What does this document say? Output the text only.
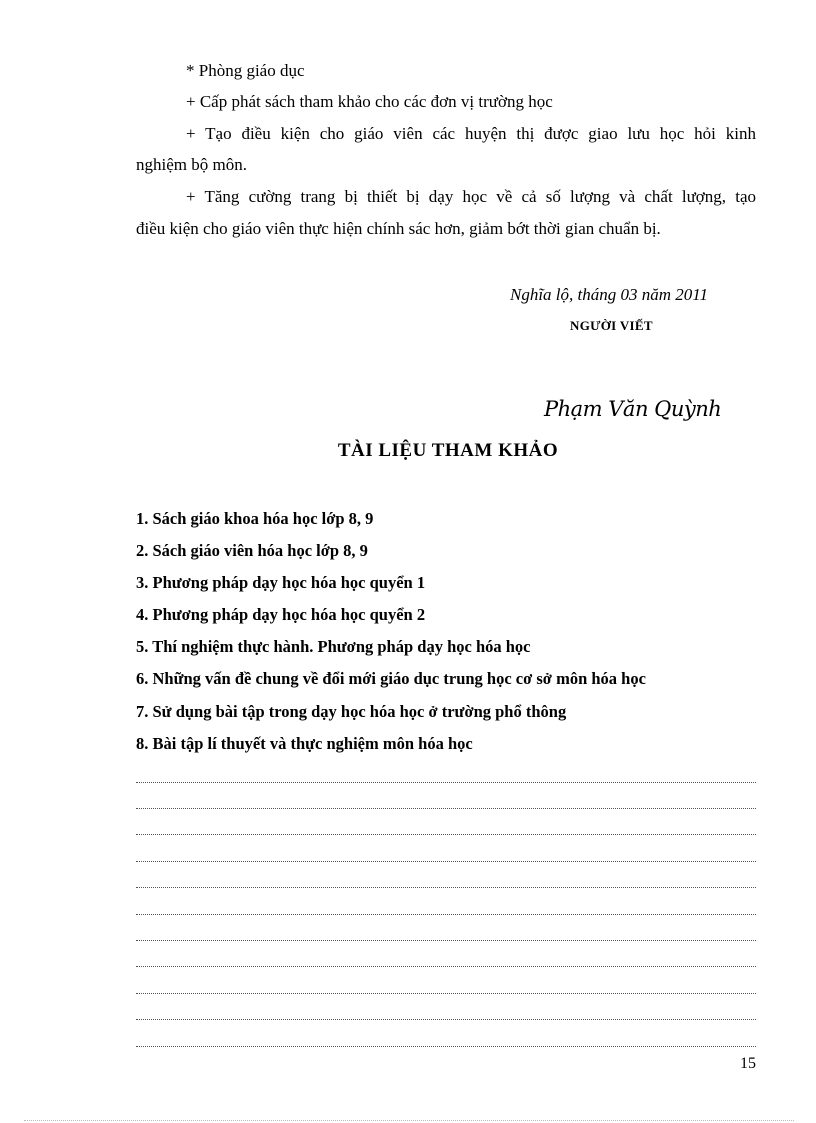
* Phòng giáo dục
+ Cấp phát sách tham khảo cho các đơn vị trường học
+ Tạo điều kiện cho giáo viên các huyện thị được giao lưu học hỏi kinh
nghiệm bộ môn.
+ Tăng cường trang bị thiết bị dạy học về cả số lượng và chất lượng, tạo
điều kiện cho giáo viên thực hiện chính sác hơn, giảm bớt thời gian chuẩn bị.
Nghĩa lộ, tháng 03 năm 2011
NGƯỜI VIẾT
Phạm Văn Quỳnh
TÀI LIỆU THAM KHẢO
1. Sách giáo khoa hóa học lớp 8, 9
2. Sách giáo viên hóa học lớp 8, 9
3. Phương pháp dạy học hóa học quyển 1
4. Phương pháp dạy học hóa học quyển 2
5. Thí nghiệm thực hành. Phương pháp dạy học hóa học
6. Những vấn đề chung về đổi mới giáo dục trung học cơ sở môn hóa học
7. Sử dụng bài tập trong dạy học hóa học ở trường phổ thông
8. Bài tập lí thuyết và thực nghiệm môn hóa học
15
